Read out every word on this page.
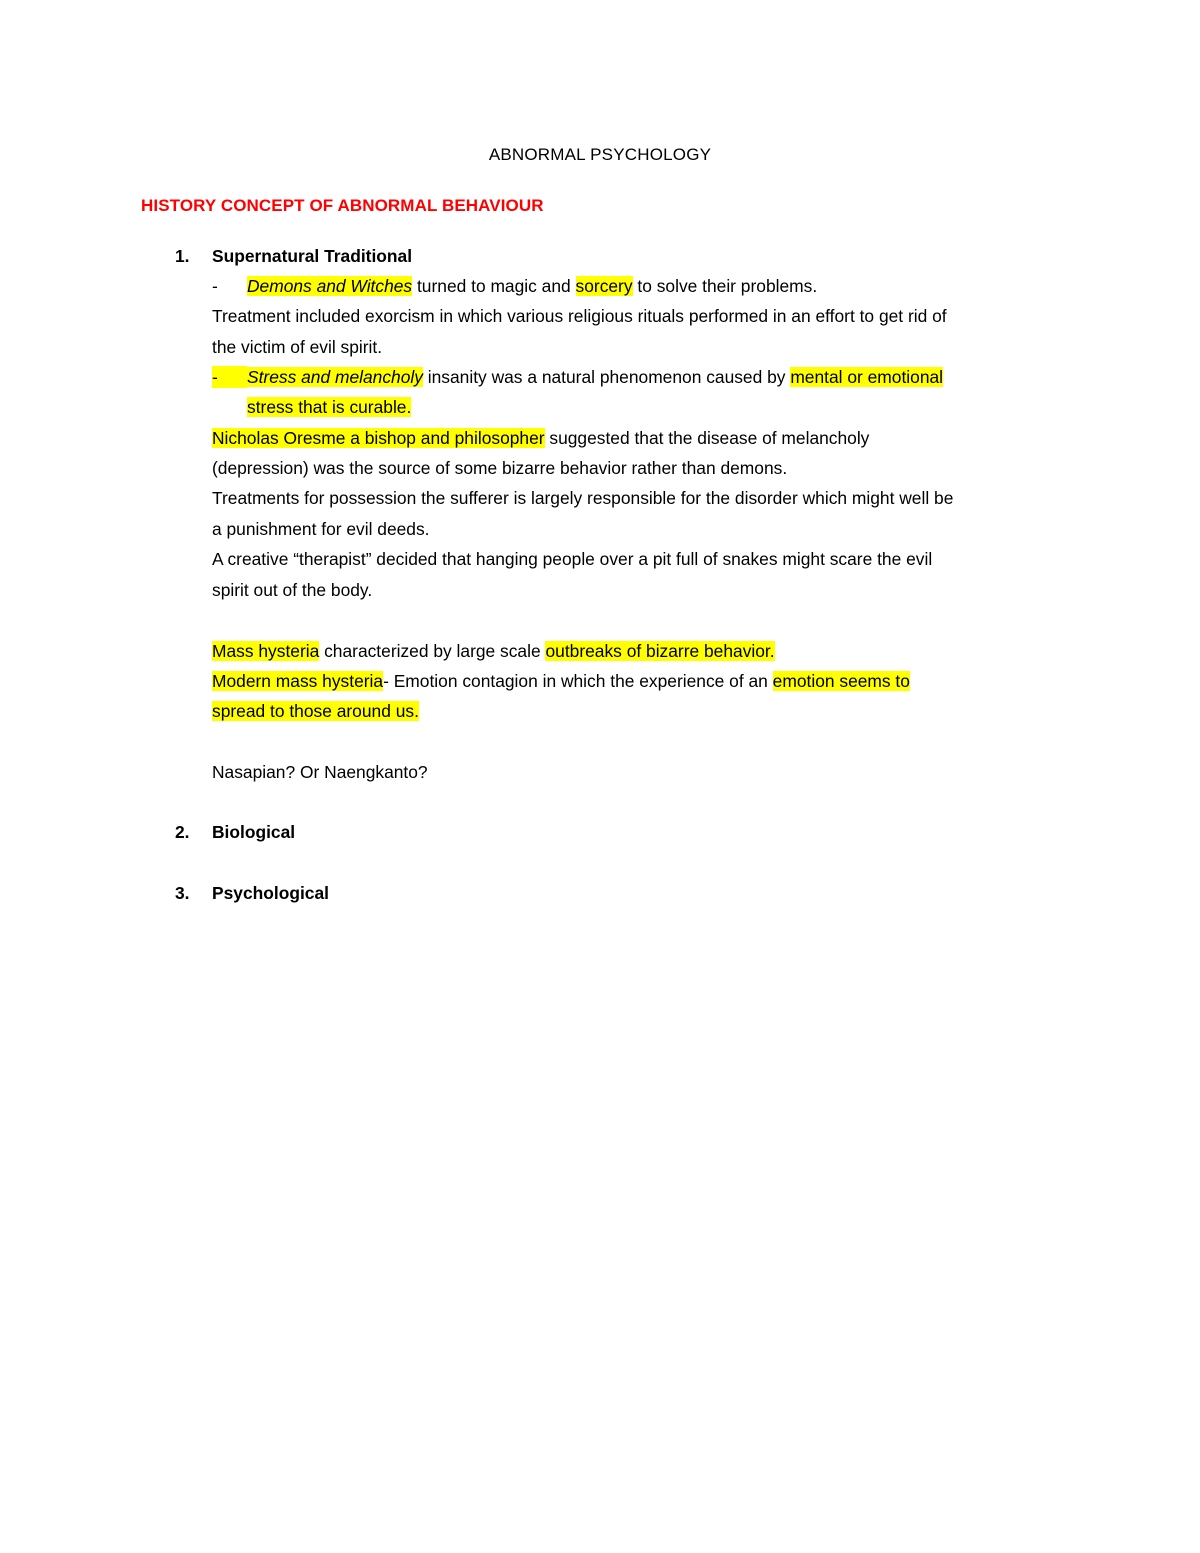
ABNORMAL PSYCHOLOGY
HISTORY CONCEPT OF ABNORMAL BEHAVIOUR
1. Supernatural Traditional
- Demons and Witches turned to magic and sorcery to solve their problems.
Treatment included exorcism in which various religious rituals performed in an effort to get rid of
the victim of evil spirit.
-	Stress and melancholy insanity was a natural phenomenon caused by mental or emotional
stress that is curable.
Nicholas Oresme a bishop and philosopher suggested that the disease of melancholy
(depression) was the source of some bizarre behavior rather than demons.
Treatments for possession the sufferer is largely responsible for the disorder which might well be
a punishment for evil deeds.
A creative “therapist” decided that hanging people over a pit full of snakes might scare the evil
spirit out of the body.
Mass hysteria characterized by large scale outbreaks of bizarre behavior.
Modern mass hysteria- Emotion contagion in which the experience of an emotion seems to
spread to those around us.
Nasapian? Or Naengkanto?
2. Biological
3. Psychological
